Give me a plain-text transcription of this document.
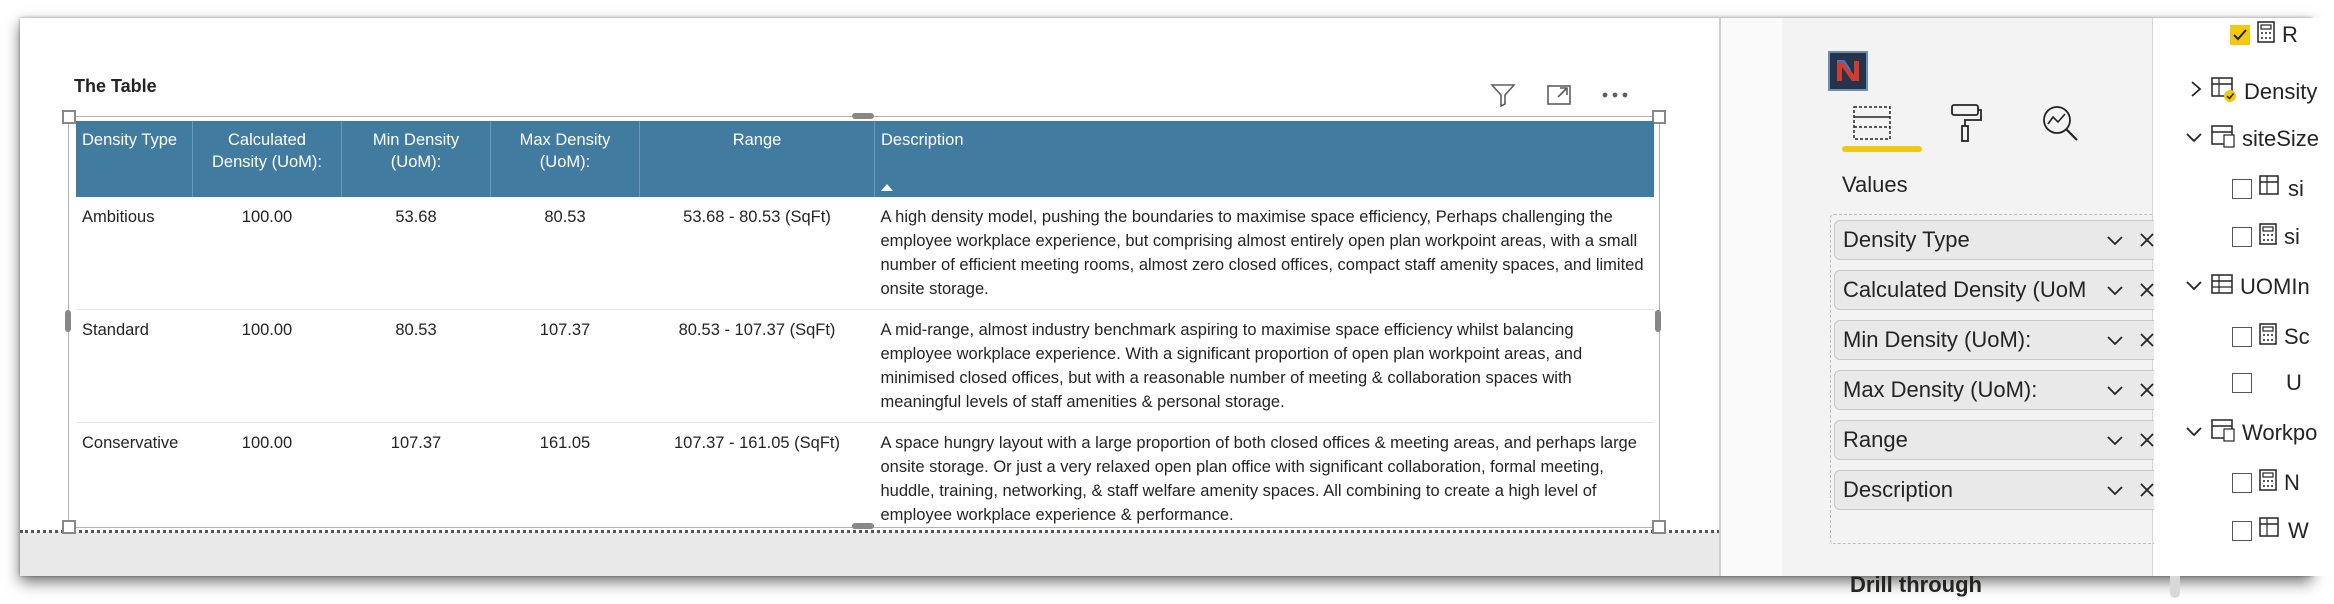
The Table
Density Type	Calculated Density (UoM):	Min Density (UoM):	Max Density (UoM):	Range	Description

Ambitious	100.00	53.68	80.53	53.68 - 80.53 (SqFt)	A high density model, pushing the boundaries to maximise space efficiency, Perhaps challenging the employee workplace experience, but comprising almost entirely open plan workpoint areas, with a small number of efficient meeting rooms, almost zero closed offices, compact staff amenity spaces, and limited onsite storage.
Standard	100.00	80.53	107.37	80.53 - 107.37 (SqFt)	A mid-range, almost industry benchmark aspiring to maximise space efficiency whilst balancing employee workplace experience. With a significant proportion of open plan workpoint areas, and minimised closed offices, but with a reasonable number of meeting & collaboration spaces with meaningful levels of staff amenities & personal storage.
Conservative	100.00	107.37	161.05	107.37 - 161.05 (SqFt)	A space hungry layout with a large proportion of both closed offices & meeting areas, and perhaps large onsite storage. Or just a very relaxed open plan office with significant collaboration, formal meeting, huddle, training, networking, & staff welfare amenity spaces. All combining to create a high level of employee workplace experience & performance.
Values
Density Type
Calculated Density (UoM
Min Density (UoM):
Max Density (UoM):
Range
Description
Drill through
R
Density
siteSize
si
si
UOMIn
Sc
U
Workpo
N
W
